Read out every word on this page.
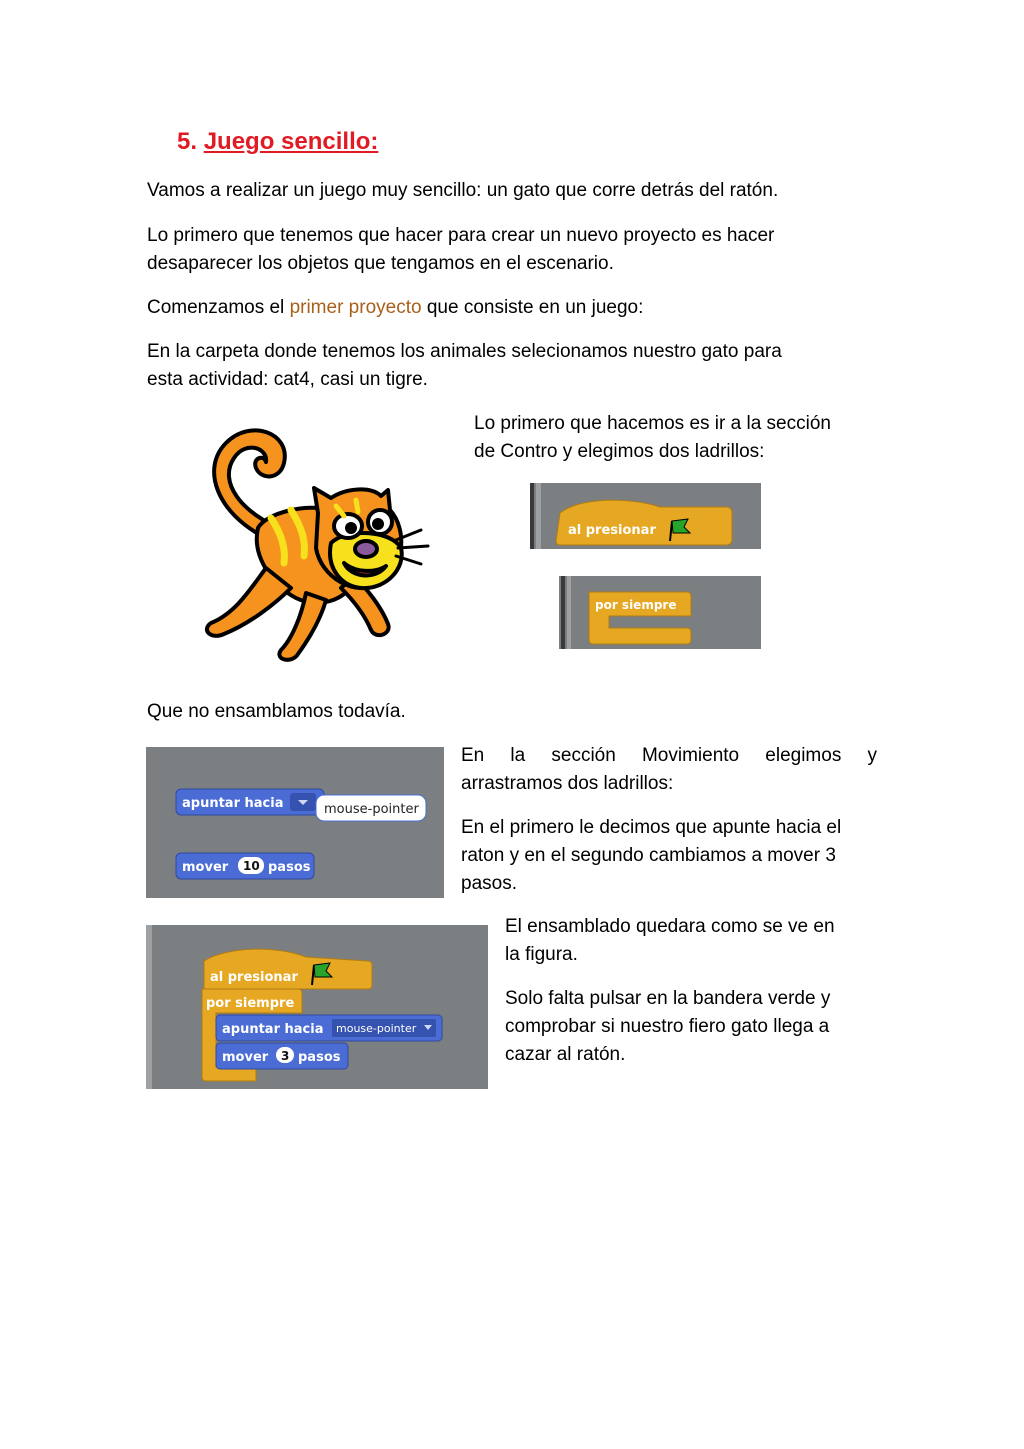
5. Juego sencillo:

Vamos a realizar un juego muy sencillo: un gato que corre detrás del ratón.

Lo primero que tenemos que hacer para crear un nuevo proyecto es hacer

desaparecer los objetos que tengamos en el escenario.

Comenzamos el primer proyecto que consiste en un juego:

En la carpeta donde tenemos los animales selecionamos nuestro gato para

esta actividad: cat4, casi un tigre.

Lo primero que hacemos es ir a la sección

de Contro y elegimos dos ladrillos:

al presionar
por siempre

Que no ensamblamos todavía.

apuntar hacia	mouse-pointer
mover 10 pasos

En la sección Movimiento elegimos y

arrastramos dos ladrillos:

En el primero le decimos que apunte hacia el

raton y en el segundo cambiamos a mover 3

pasos.

al presionar
por siempre
apuntar hacia mouse-pointer
mover 3 pasos

El ensamblado quedara como se ve en

la figura.

Solo falta pulsar en la bandera verde y

comprobar si nuestro fiero gato llega a

cazar al ratón.
